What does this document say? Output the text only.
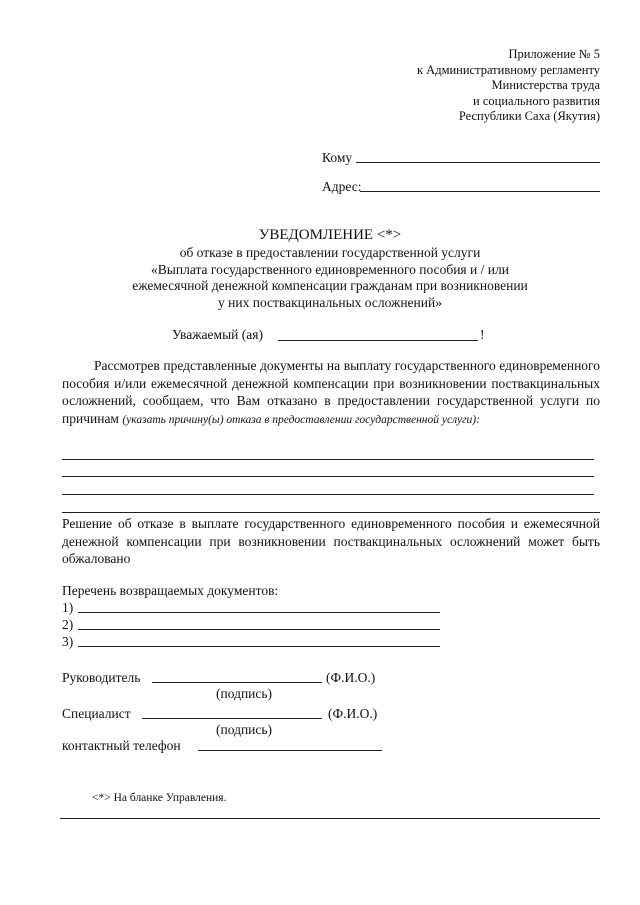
Приложение № 5
к Административному регламенту
Министерства труда
и социального развития
Республики Саха (Якутия)
Кому
Адрес:
УВЕДОМЛЕНИЕ <*>
об отказе в предоставлении государственной услуги
«Выплата государственного единовременного пособия и / или
ежемесячной денежной компенсации гражданам при возникновении
у них поствакцинальных осложнений»
Уважаемый (ая)	!
Рассмотрев представленные документы на выплату государственного единовременного пособия и/или ежемесячной денежной компенсации при возникновении поствакцинальных осложнений, сообщаем, что Вам отказано в предоставлении государственной услуги по причинам (указать причину(ы) отказа в предоставлении государственной услуги):
Решение об отказе в выплате государственного единовременного пособия и ежемесячной денежной компенсации при возникновении поствакцинальных осложнений может быть обжаловано
Перечень возвращаемых документов:
1)
2)
3)
Руководитель	(Ф.И.О.)
(подпись)
Специалист	(Ф.И.О.)
(подпись)
контактный телефон
<*> На бланке Управления.
